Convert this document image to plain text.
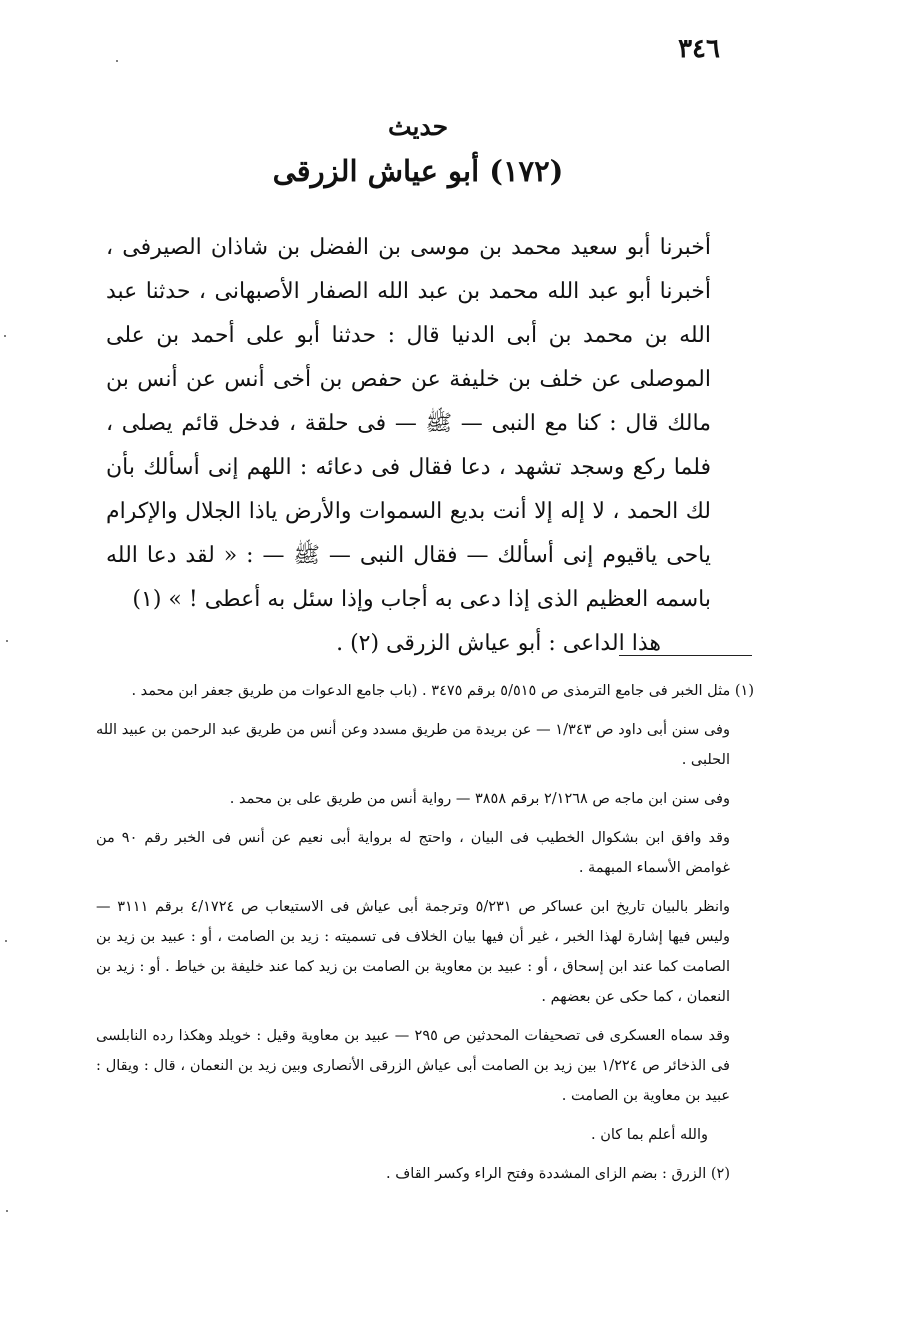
٣٤٦
حديث
(١٧٢) أبو عياش الزرقى

أخبرنا أبو سعيد محمد بن موسى بن الفضل بن شاذان الصيرفى ، أخبرنا أبو عبد الله محمد بن عبد الله الصفار الأصبهانى ، حدثنا عبد الله بن محمد بن أبى الدنيا قال : حدثنا أبو على أحمد بن على الموصلى عن خلف بن خليفة عن حفص بن أخى أنس عن أنس بن مالك قال : كنا مع النبى — ﷺ — فى حلقة ، فدخل قائم يصلى ، فلما ركع وسجد تشهد ، دعا فقال فى دعائه : اللهم إنى أسألك بأن لك الحمد ، لا إله إلا أنت بديع السموات والأرض ياذا الجلال والإكرام ياحى ياقيوم إنى أسألك — فقال النبى — ﷺ — : « لقد دعا الله باسمه العظيم الذى إذا دعى به أجاب وإذا سئل به أعطى ! » (١)

هذا الداعى : أبو عياش الزرقى (٢) .

(١) مثل الخبر فى جامع الترمذى ص ٥/٥١٥ برقم ٣٤٧٥ . (باب جامع الدعوات من طريق جعفر ابن محمد .

وفى سنن أبى داود ص ١/٣٤٣ — عن بريدة من طريق مسدد وعن أنس من طريق عبد الرحمن بن عبيد الله الحلبى .

وفى سنن ابن ماجه ص ٢/١٢٦٨ برقم ٣٨٥٨ — رواية أنس من طريق على بن محمد .

وقد وافق ابن بشكوال الخطيب فى البيان ، واحتج له برواية أبى نعيم عن أنس فى الخبر رقم ٩٠ من غوامض الأسماء المبهمة .

وانظر بالبيان تاريخ ابن عساكر ص ٥/٢٣١ وترجمة أبى عياش فى الاستيعاب ص ٤/١٧٢٤ برقم ٣١١١ — وليس فيها إشارة لهذا الخبر ، غير أن فيها بيان الخلاف فى تسميته : زيد بن الصامت ، أو : عبيد بن زيد بن الصامت كما عند ابن إسحاق ، أو : عبيد بن معاوية بن الصامت بن زيد كما عند خليفة بن خياط . أو : زيد بن النعمان ، كما حكى عن بعضهم .

وقد سماه العسكرى فى تصحيفات المحدثين ص ٢٩٥ — عبيد بن معاوية وقيل : خويلد وهكذا رده النابلسى فى الذخائر ص ١/٢٢٤ بين زيد بن الصامت أبى عياش الزرقى الأنصارى وبين زيد بن النعمان ، قال : ويقال : عبيد بن معاوية بن الصامت .

والله أعلم بما كان .

(٢) الزرق : بضم الزاى المشددة وفتح الراء وكسر القاف .
